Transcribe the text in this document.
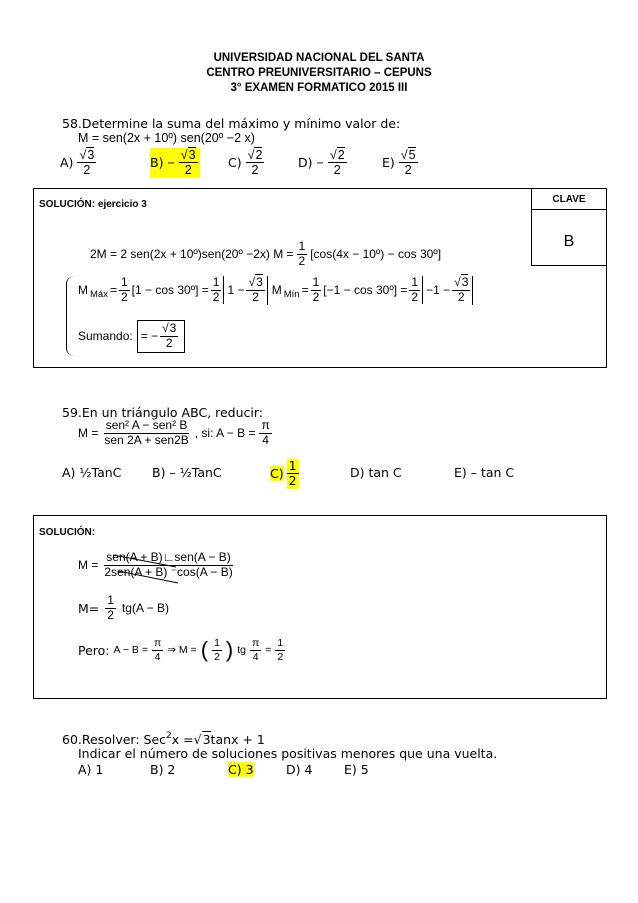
UNIVERSIDAD NACIONAL DEL SANTA
CENTRO PREUNIVERSITARIO – CEPUNS
3° EXAMEN FORMATICO 2015 III
58.Determine la suma del máximo y mínimo valor de:
M = sen(2x + 10º) sen(20º −2 x)
$A) \frac{√3}{2}$	$B) - \frac{√3}{2} C) \frac{√2}{2}$	$D) - \frac{√2}{2}$	$E) \frac{√5}{2}$
CLAVE
B
SOLUCIÓN: ejercicio 3
2M = 2 sen(2x + 10º)sen(20º −2x) $M = \frac{1}{2} [\cos(4x$ − 10º) − cos 30º]
M Máx = $\frac{1}{2} [1 - \cos$ 30º] = $\frac{1}{2} 1 - \frac{√3}{2}$ M Mín = $\frac{1}{2} [-1 - \cos$ 30º] = $\frac{1}{2} -1 - \frac{√3}{2}$
Sumando: = − $\frac{√3}{2}$
59.En un triángulo ABC, reducir:
$M = \frac{\text{sen² A − sen² B}}{\text{sen 2A + sen2B}}$ , si: $A - B = \frac{\pi}{4}$
A) ½TanC B) – ½TanC	$C) \frac{1}{2}$	D) tan C	E) – tan C
SOLUCIÓN:
$M = \frac{\text{sen(A + B)∟sen(A − B)}}{\text{2sen(A + B) ⁻cos(A − B)}}$
$M= \frac{1}{2} tg(A - B)$
Pero: $A - B = \frac{\pi}{4}$ ⇒ M = ( $\frac{1}{2}$ ) tg $\frac{\pi}{4} = \frac{1}{2}$
60.Resolver: Sec 2 x = √ 3 tanx + 1
Indicar el número de soluciones positivas menores que una vuelta.
A) 1	B) 2	C) 3	D) 4	E) 5
